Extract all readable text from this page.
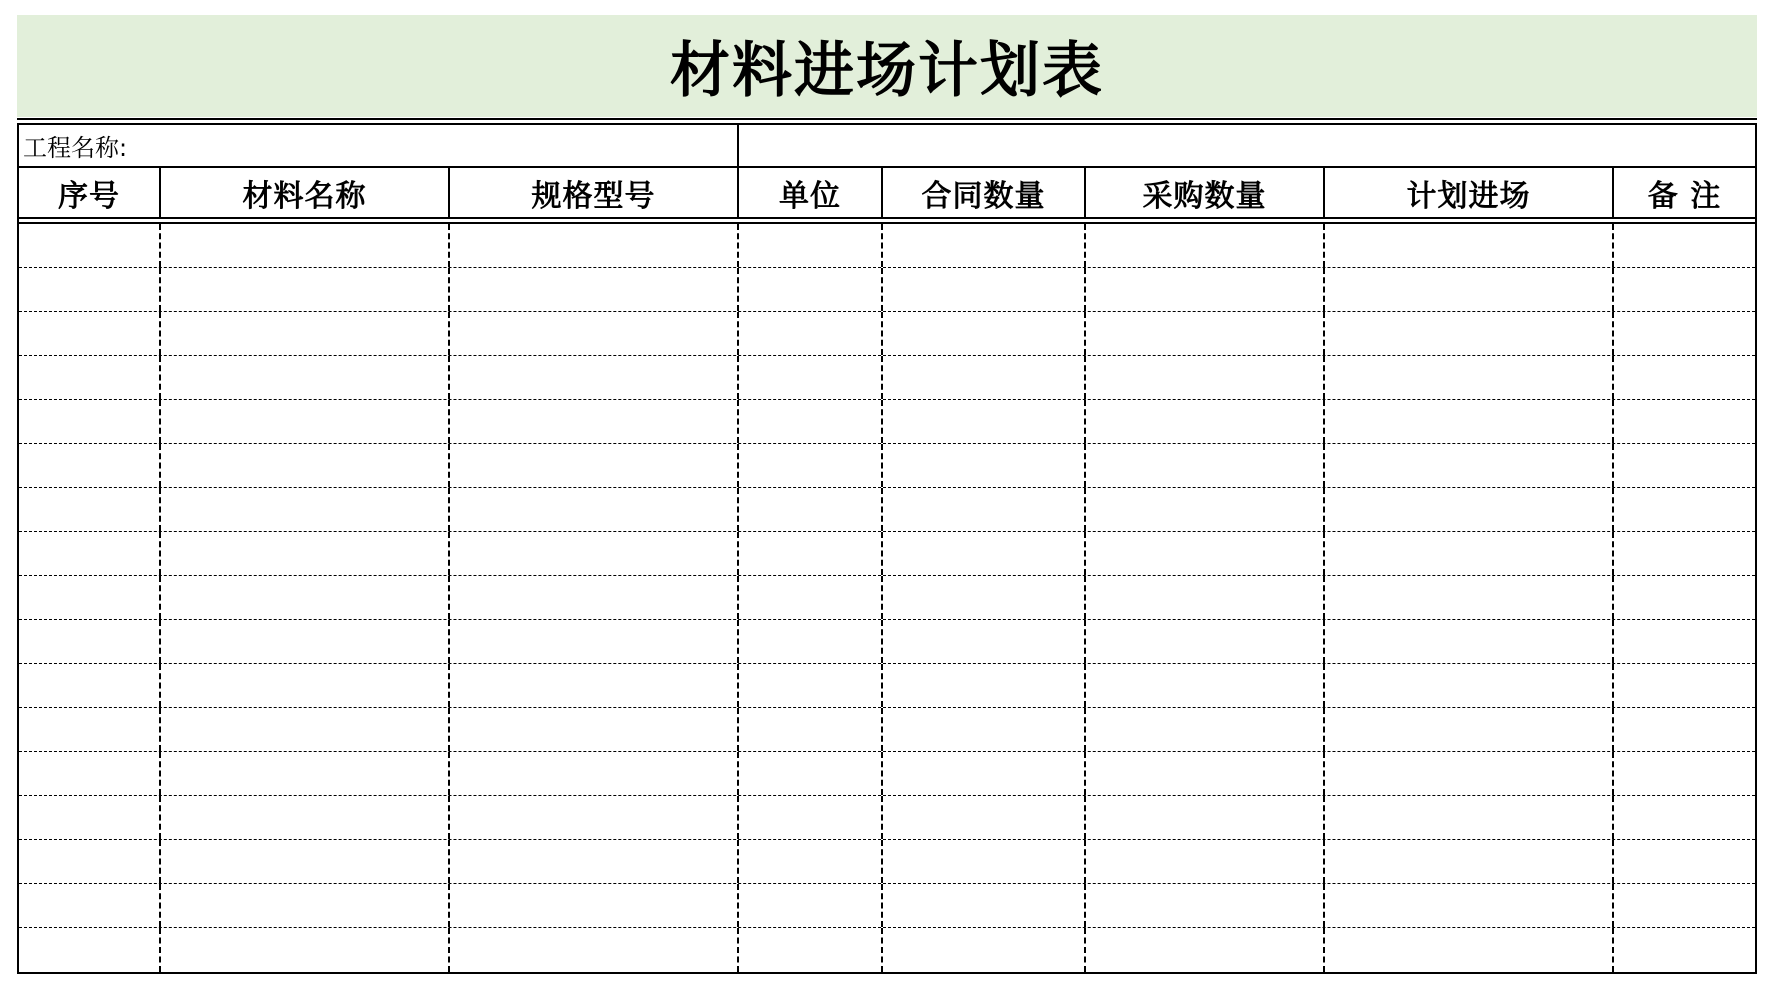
材料进场计划表
工程名称:
序号	材料名称	规格型号	单位	合同数量	采购数量	计划进场	备 注
